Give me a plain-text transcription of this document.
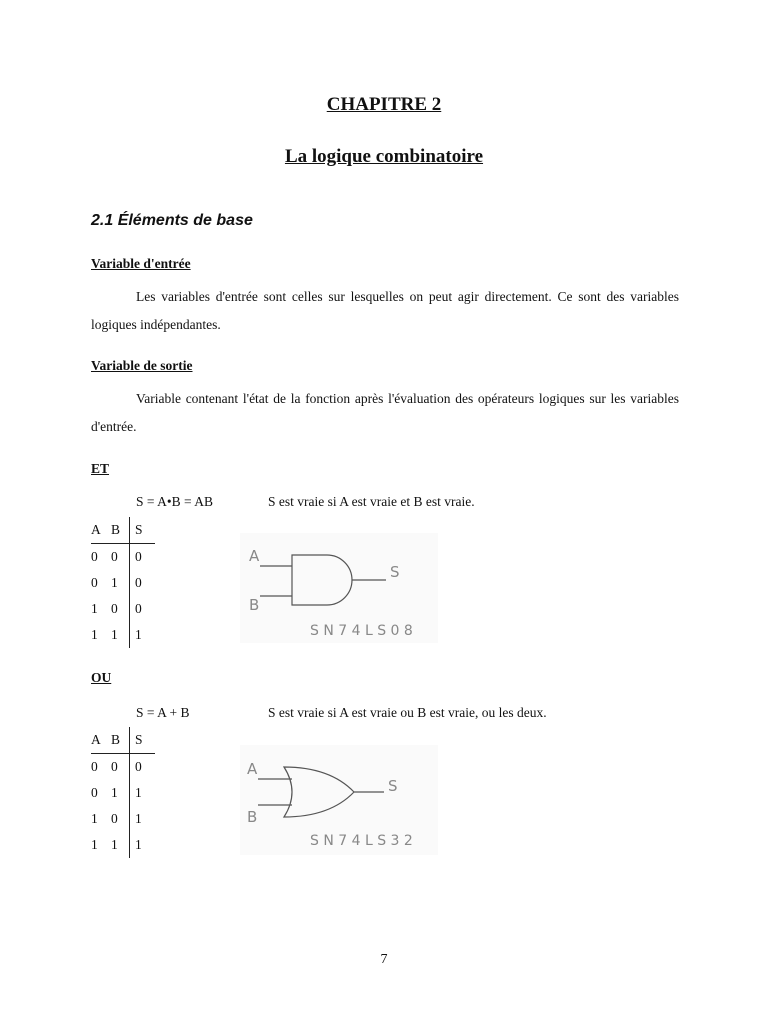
CHAPITRE 2
La logique combinatoire
2.1 Éléments de base
Variable d'entrée
Les variables d'entrée sont celles sur lesquelles on peut agir directement. Ce sont des variables logiques indépendantes.
Variable de sortie
Variable contenant l'état de la fonction après l'évaluation des opérateurs logiques sur les variables d'entrée.
ET
S = A•B = AB	S est vraie si A est vraie et B est vraie.
A	B	S
0	0	0
0	1	0
1	0	0
1	1	1
A
B
S
S N 7 4 L S 0 8
OU
S = A + B	S est vraie si A est vraie ou B est vraie, ou les deux.
A	B	S
0	0	0
0	1	1
1	0	1
1	1	1
A
B
S
S N 7 4 L S 3 2
7
